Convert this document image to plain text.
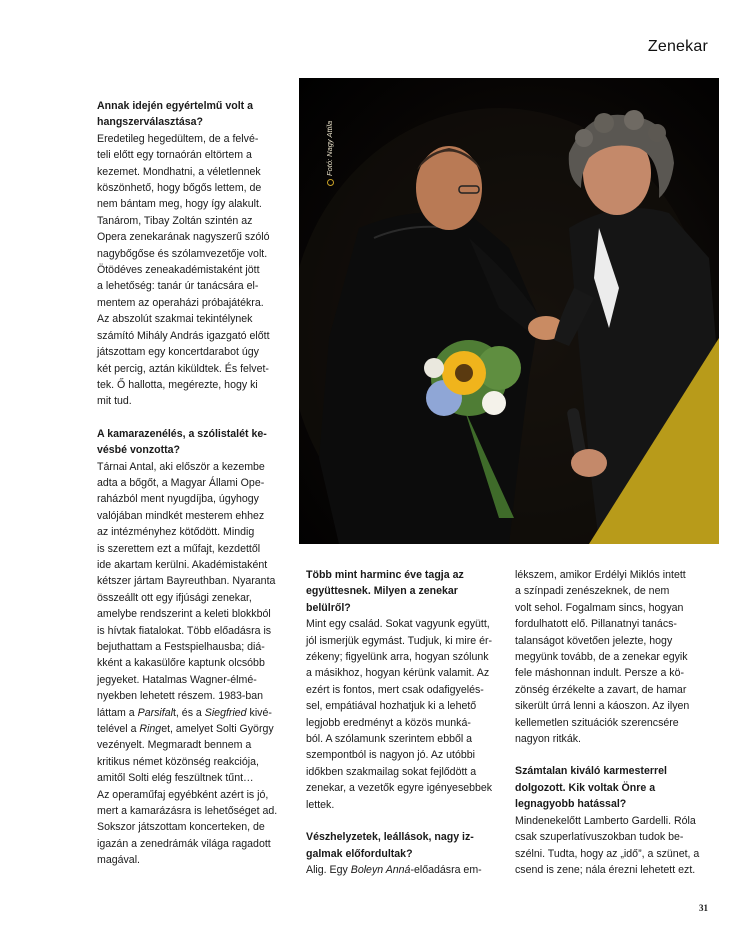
Zenekar
Fotó: Nagy Attila

Annak idején egyértelmű volt a hangszerválasztása?

Eredetileg hegedültem, de a felvé-

teli előtt egy tornaórán eltörtem a

kezemet. Mondhatni, a véletlennek

köszönhető, hogy bőgős lettem, de

nem bántam meg, hogy így alakult.

Tanárom, Tibay Zoltán szintén az

Opera zenekarának nagyszerű szóló

nagybőgőse és szólamvezetője volt.

Ötödéves zeneakadémistaként jött

a lehetőség: tanár úr tanácsára el-

mentem az operaházi próbajátékra.

Az abszolút szakmai tekintélynek

számító Mihály András igazgató előtt

játszottam egy koncertdarabot úgy

két percig, aztán kiküldtek. És felvet-

tek. Ő hallotta, megérezte, hogy ki

mit tud.

A kamarazenélés, a szólistalét ke-

vésbé vonzotta?

Tárnai Antal, aki először a kezembe

adta a bőgőt, a Magyar Állami Ope-

raházból ment nyugdíjba, úgyhogy

valójában mindkét mesterem ehhez

az intézményhez kötődött. Mindig

is szerettem ezt a műfajt, kezdettől

ide akartam kerülni. Akadémistaként

kétszer jártam Bayreuthban. Nyaranta

összeállt ott egy ifjúsági zenekar,

amelybe rendszerint a keleti blokkból

is hívtak fiatalokat. Több előadásra is

bejuthattam a Festspielhausba; diá-

kként a kakasülőre kaptunk olcsóbb

jegyeket. Hatalmas Wagner-élmé-

nyekben lehetett részem. 1983-ban

láttam a Parsifalt, és a Siegfried kivé-

telével a Ringet, amelyet Solti György

vezényelt. Megmaradt bennem a

kritikus német közönség reakciója,

amitől Solti elég feszültnek tűnt…

Az operaműfaj egyébként azért is jó,

mert a kamarázásra is lehetőséget ad.

Sokszor játszottam koncerteken, de

igazán a zenedrámák világa ragadott

magával.

Több mint harminc éve tagja az együttesnek. Milyen a zenekar belülről?

Mint egy család. Sokat vagyunk együtt,

jól ismerjük egymást. Tudjuk, ki mire ér-

zékeny; figyelünk arra, hogyan szólunk

a másikhoz, hogyan kérünk valamit. Az

ezért is fontos, mert csak odafigyelés-

sel, empátiával hozhatjuk ki a lehető

legjobb eredményt a közös munká-

ból. A szólamunk szerintem ebből a

szempontból is nagyon jó. Az utóbbi

időkben szakmailag sokat fejlődött a

zenekar, a vezetők egyre igényesebbek

lettek.

Vészhelyzetek, leállások, nagy iz-

galmak előfordultak?

Alig. Egy Boleyn Anná-előadásra em-

lékszem, amikor Erdélyi Miklós intett

a színpadi zenészeknek, de nem

volt sehol. Fogalmam sincs, hogyan

fordulhatott elő. Pillanatnyi tanács-

talanságot követően jelezte, hogy

megyünk tovább, de a zenekar egyik

fele máshonnan indult. Persze a kö-

zönség érzékelte a zavart, de hamar

sikerült úrrá lenni a káoszon. Az ilyen

kellemetlen szituációk szerencsére

nagyon ritkák.

Számtalan kiváló karmesterrel dolgozott. Kik voltak Önre a legnagyobb hatással?

Mindenekelőtt Lamberto Gardelli. Róla

csak szuperlatívuszokban tudok be-

szélni. Tudta, hogy az „idő”, a szünet, a

csend is zene; nála érezni lehetett ezt.

31
